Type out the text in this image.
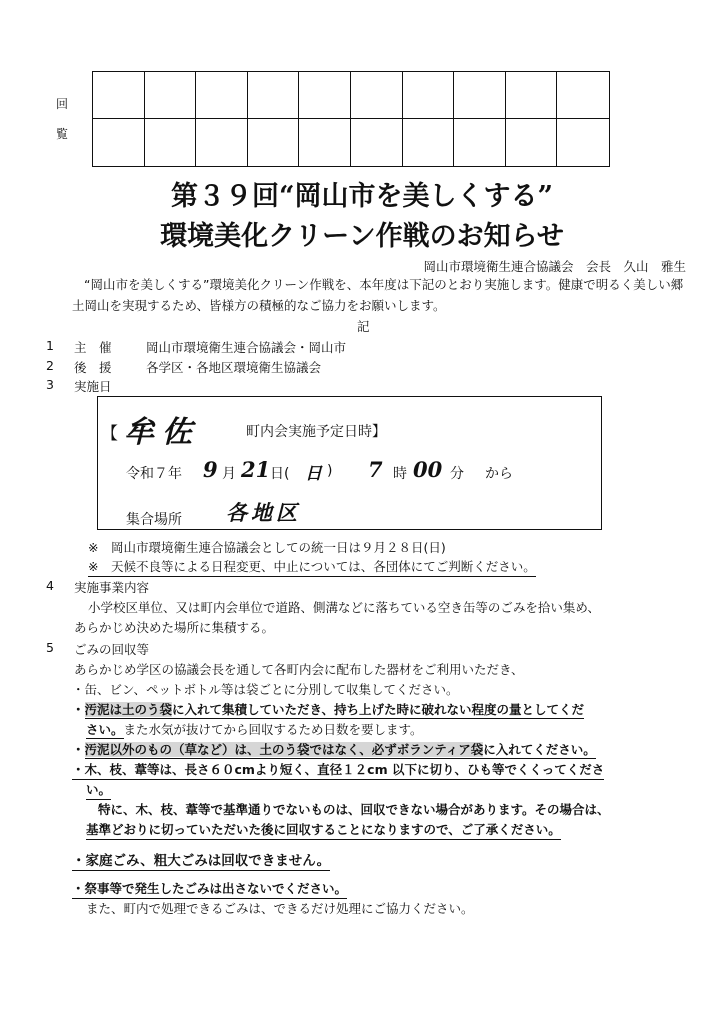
回
覧
第３９回“岡山市を美しくする”
環境美化クリーン作戦のお知らせ
岡山市環境衛生連合協議会　会長　久山　雅生
“岡山市を美しくする”環境美化クリーン作戦を、本年度は下記のとおり実施します。健康で明るく美しい郷土岡山を実現するため、皆様方の積極的なご協力をお願いします。
記
1 主　催	岡山市環境衛生連合協議会・岡山市
2 後　援	各学区・各地区環境衛生協議会
3 実施日
【 牟佐	町内会実施予定日時】
令和７年 9 月 21 日( 日 ) 7 時 00 分 から
集合場所 各地区
※　岡山市環境衛生連合協議会としての統一日は９月２８日(日)
※　天候不良等による日程変更、中止については、各団体にてご判断ください。
4 実施事業内容
小学校区単位、又は町内会単位で道路、側溝などに落ちている空き缶等のごみを拾い集め、
あらかじめ決めた場所に集積する。
5 ごみの回収等
あらかじめ学区の協議会長を通して各町内会に配布した器材をご利用いただき、
・缶、ビン、ペットボトル等は袋ごとに分別して収集してください。
・汚泥は土のう袋に入れて集積していただき、持ち上げた時に破れない程度の量としてくだ
さい。また水気が抜けてから回収するため日数を要します。
・汚泥以外のもの（草など）は、土のう袋ではなく、必ずボランティア袋に入れてください。
・木、枝、葦等は、長さ６０cmより短く、直径１２cm 以下に切り、ひも等でくくってくださ
い。
特に、木、枝、葦等で基準通りでないものは、回収できない場合があります。その場合は、
基準どおりに切っていただいた後に回収することになりますので、ご了承ください。
・家庭ごみ、粗大ごみは回収できません。
・祭事等で発生したごみは出さないでください。
また、町内で処理できるごみは、できるだけ処理にご協力ください。
